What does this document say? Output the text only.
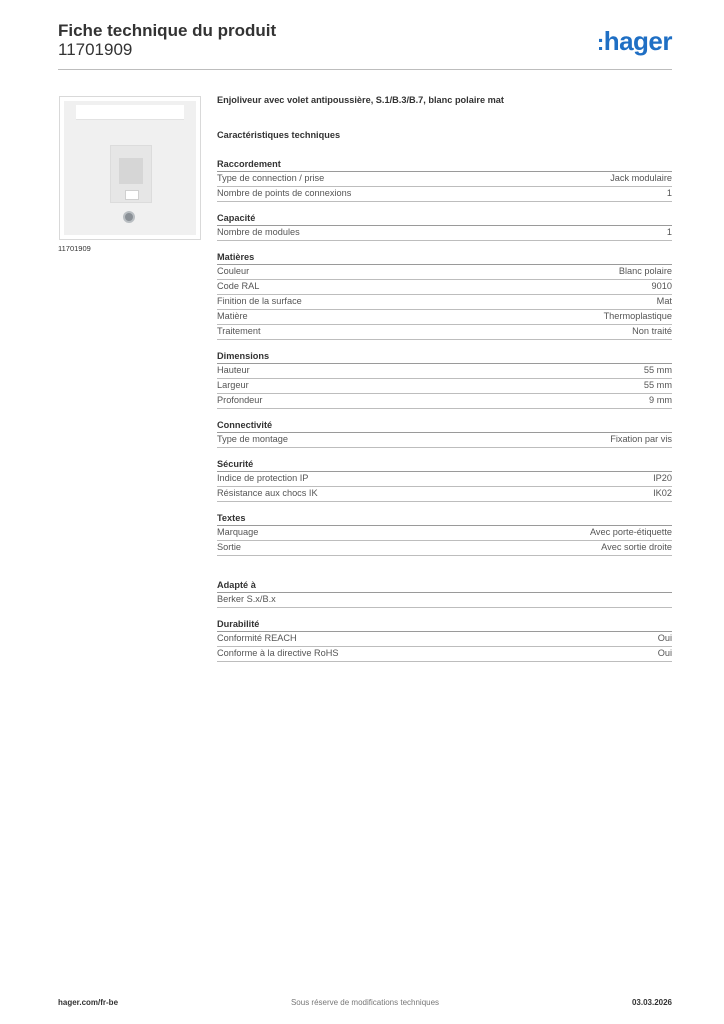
Fiche technique du produit
11701909	:hager
11701909
Enjoliveur avec volet antipoussière, S.1/B.3/B.7, blanc polaire mat
Caractéristiques techniques
Raccordement
Type de connection / prise	Jack modulaire
Nombre de points de connexions	1
Capacité
Nombre de modules	1
Matières
Couleur	Blanc polaire
Code RAL	9010
Finition de la surface	Mat
Matière	Thermoplastique
Traitement	Non traité
Dimensions
Hauteur	55 mm
Largeur	55 mm
Profondeur	9 mm
Connectivité
Type de montage	Fixation par vis
Sécurité
Indice de protection IP	IP20
Résistance aux chocs IK	IK02
Textes
Marquage	Avec porte-étiquette
Sortie	Avec sortie droite
Adapté à
Berker S.x/B.x
Durabilité
Conformité REACH	Oui
Conforme à la directive RoHS	Oui
hager.com/fr-be	Sous réserve de modifications techniques	03.03.2026
